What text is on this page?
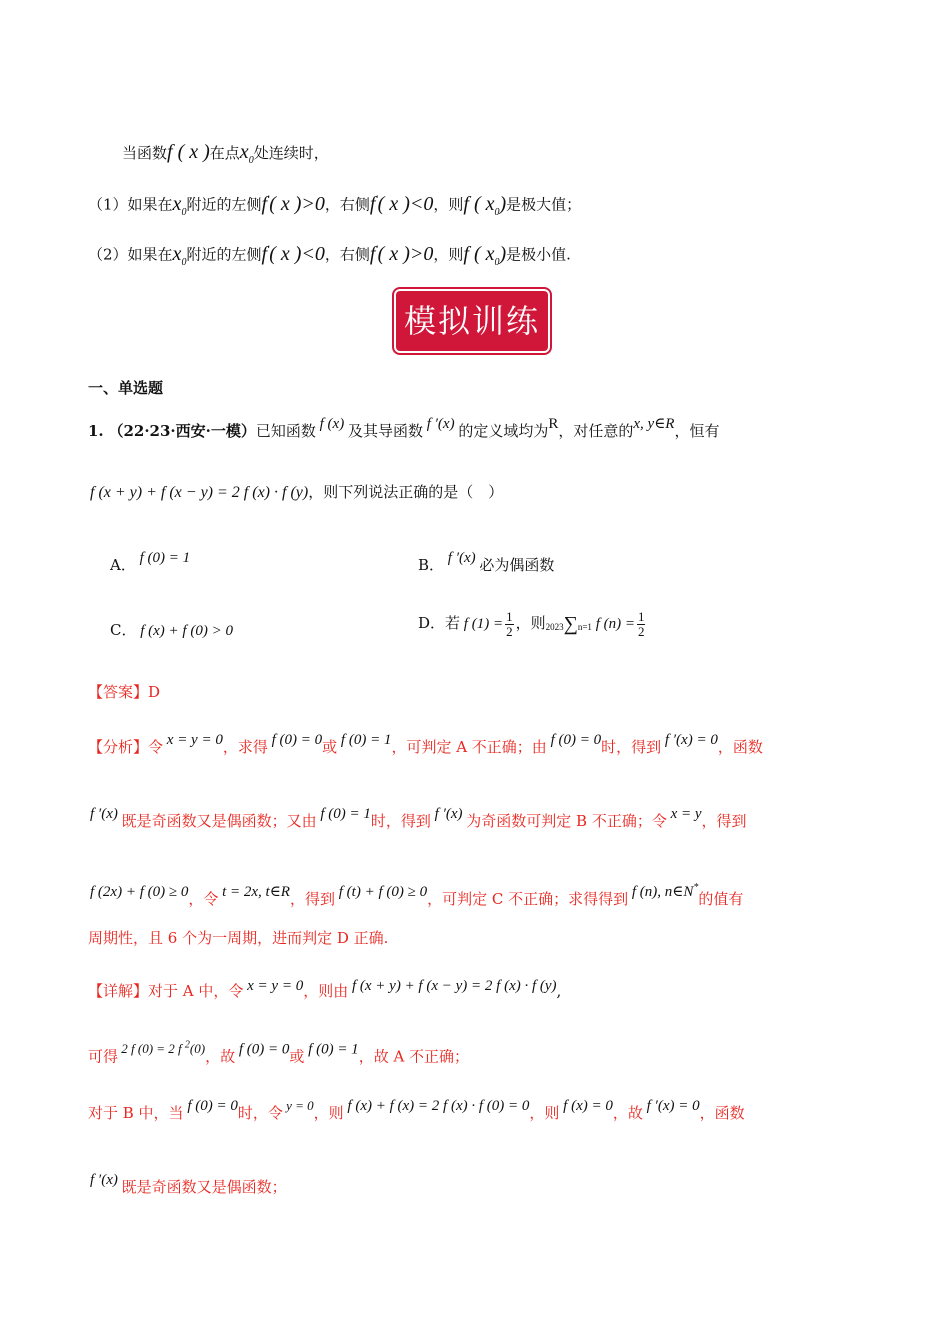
当函数f ( x )在点$x_0$处连续时，
（1）如果在$x_0$附近的左侧f′( x )>0，右侧f′( x )<0，则f ( $x_0$)是极大值；
（2）如果在$x_0$附近的左侧f′( x )<0，右侧f′( x )>0，则f ( $x_0$)是极小值.
模拟训练
一、单选题
1. （22·23·西安·一模）已知函数 f (x) 及其导函数 f ′(x) 的定义域均为R，对任意的x, y∈R，恒有
f (x + y) + f (x − y) = 2 f (x) · f (y)，则下列说法正确的是（　）
A． f (0) = 1	B． f ′(x) 必为偶函数
C． f (x) + f (0) > 0	D．若 f $(1) = \frac{1}{2}$ ，则2023∑n=1 f $(n) = \frac{1}{2}$
【答案】D
【分析】令 x = y = 0，求得 f (0) = 0或 f (0) = 1，可判定 A 不正确；由 f (0) = 0时，得到 f ′(x) = 0，函数
f ′(x) 既是奇函数又是偶函数；又由 f (0) = 1时，得到 f ′(x) 为奇函数可判定 B 不正确；令 x = y，得到
f (2x) + f (0) ≥ 0，令 t = 2x, t∈R，得到 f (t) + f (0) ≥ 0，可判定 C 不正确；求得得到 f (n), n∈N*的值有
周期性，且 6 个为一周期，进而判定 D 正确.
【详解】对于 A 中，令 x = y = 0，则由 f (x + y) + f (x − y) = 2 f (x) · f (y),
可得 2 f (0) = 2 f $^2$(0)，故 f (0) = 0或 f (0) = 1，故 A 不正确；
对于 B 中，当 f (0) = 0时，令 y = 0，则 f (x) + f (x) = 2 f (x) · f (0) = 0，则 f (x) = 0，故 f ′(x) = 0，函数
f ′(x) 既是奇函数又是偶函数；
